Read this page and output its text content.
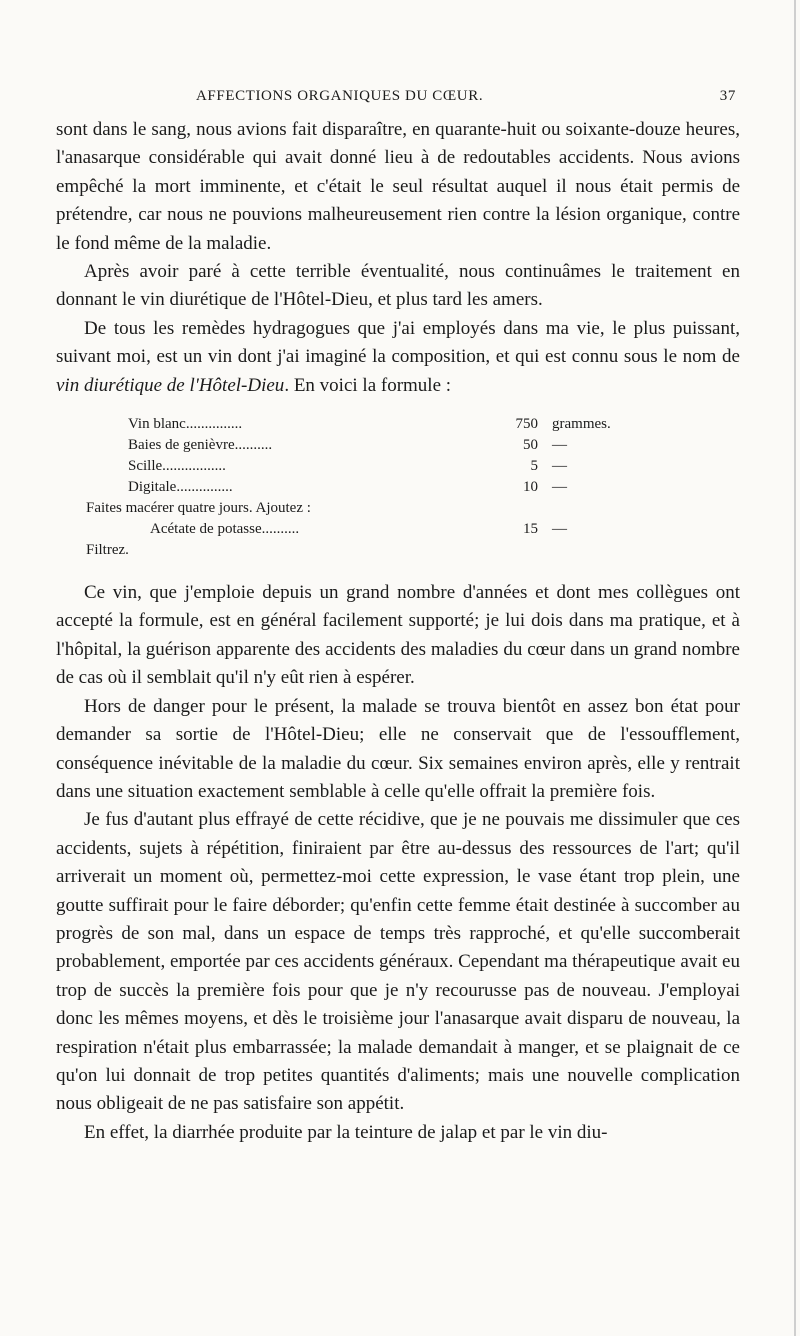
AFFECTIONS ORGANIQUES DU CŒUR.	37

sont dans le sang, nous avions fait disparaître, en quarante-huit ou soixante-douze heures, l'anasarque considérable qui avait donné lieu à de redoutables accidents. Nous avions empêché la mort imminente, et c'était le seul résultat auquel il nous était permis de prétendre, car nous ne pouvions malheureusement rien contre la lésion organique, contre le fond même de la maladie.

Après avoir paré à cette terrible éventualité, nous continuâmes le traitement en donnant le vin diurétique de l'Hôtel-Dieu, et plus tard les amers.

De tous les remèdes hydragogues que j'ai employés dans ma vie, le plus puissant, suivant moi, est un vin dont j'ai imaginé la composition, et qui est connu sous le nom de vin diurétique de l'Hôtel-Dieu. En voici la formule :

Vin blanc...............	750 grammes.
Baies de genièvre..........	50 —
Scille.................	5 —
Digitale...............	10 —
Faites macérer quatre jours. Ajoutez :
Acétate de potasse..........	15 —
Filtrez.

Ce vin, que j'emploie depuis un grand nombre d'années et dont mes collègues ont accepté la formule, est en général facilement supporté; je lui dois dans ma pratique, et à l'hôpital, la guérison apparente des accidents des maladies du cœur dans un grand nombre de cas où il semblait qu'il n'y eût rien à espérer.

Hors de danger pour le présent, la malade se trouva bientôt en assez bon état pour demander sa sortie de l'Hôtel-Dieu; elle ne conservait que de l'essoufflement, conséquence inévitable de la maladie du cœur. Six semaines environ après, elle y rentrait dans une situation exactement semblable à celle qu'elle offrait la première fois.

Je fus d'autant plus effrayé de cette récidive, que je ne pouvais me dissimuler que ces accidents, sujets à répétition, finiraient par être au-dessus des ressources de l'art; qu'il arriverait un moment où, permettez-moi cette expression, le vase étant trop plein, une goutte suffirait pour le faire déborder; qu'enfin cette femme était destinée à succomber au progrès de son mal, dans un espace de temps très rapproché, et qu'elle succomberait probablement, emportée par ces accidents généraux. Cependant ma thérapeutique avait eu trop de succès la première fois pour que je n'y recourusse pas de nouveau. J'employai donc les mêmes moyens, et dès le troisième jour l'anasarque avait disparu de nouveau, la respiration n'était plus embarrassée; la malade demandait à manger, et se plaignait de ce qu'on lui donnait de trop petites quantités d'aliments; mais une nouvelle complication nous obligeait de ne pas satisfaire son appétit.

En effet, la diarrhée produite par la teinture de jalap et par le vin diu-
